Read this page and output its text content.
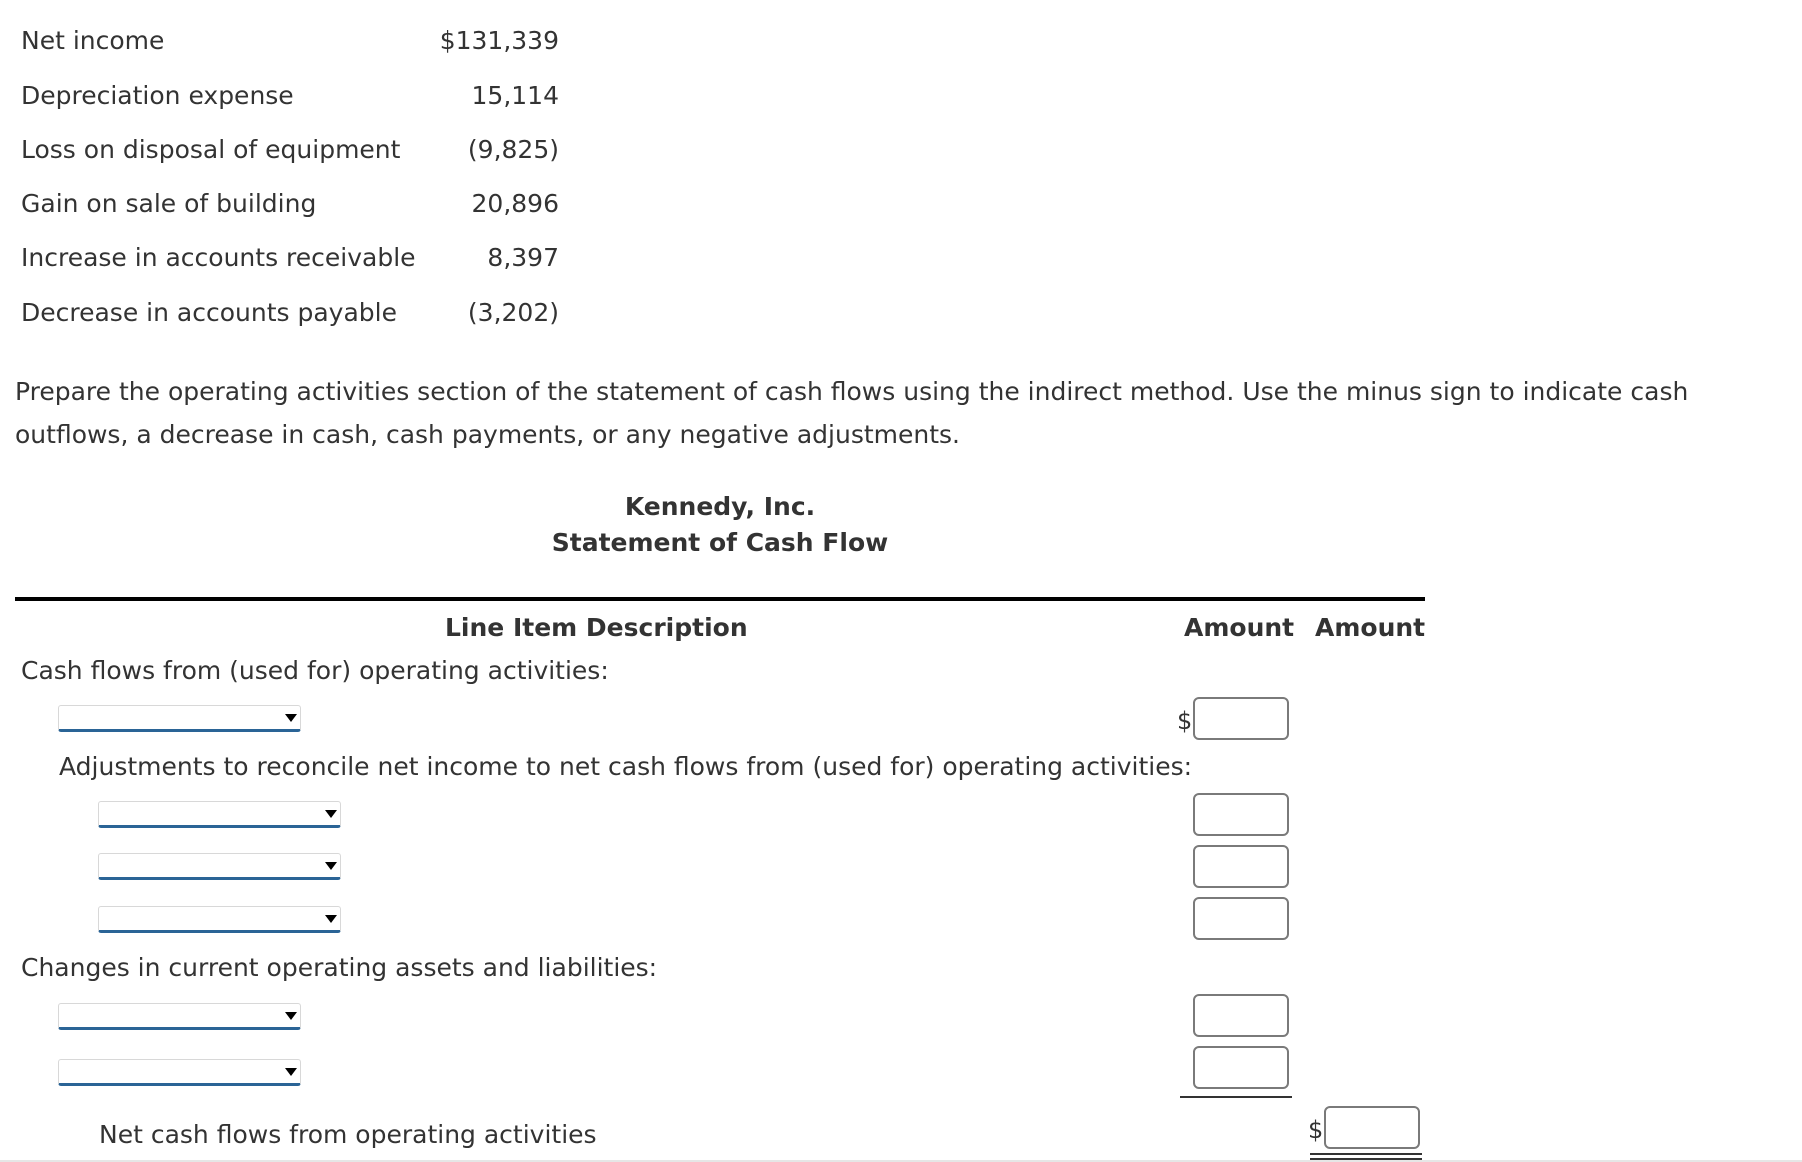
Net income	$131,339
Depreciation expense	15,114
Loss on disposal of equipment	(9,825)
Gain on sale of building	20,896
Increase in accounts receivable	8,397
Decrease in accounts payable	(3,202)
Prepare the operating activities section of the statement of cash flows using the indirect method. Use the minus sign to indicate cash outflows, a decrease in cash, cash payments, or any negative adjustments.
Kennedy, Inc.
Statement of Cash Flow
Line Item Description	Amount Amount
Cash flows from (used for) operating activities:
$
Adjustments to reconcile net income to net cash flows from (used for) operating activities:
Changes in current operating assets and liabilities:
Net cash flows from operating activities	$
